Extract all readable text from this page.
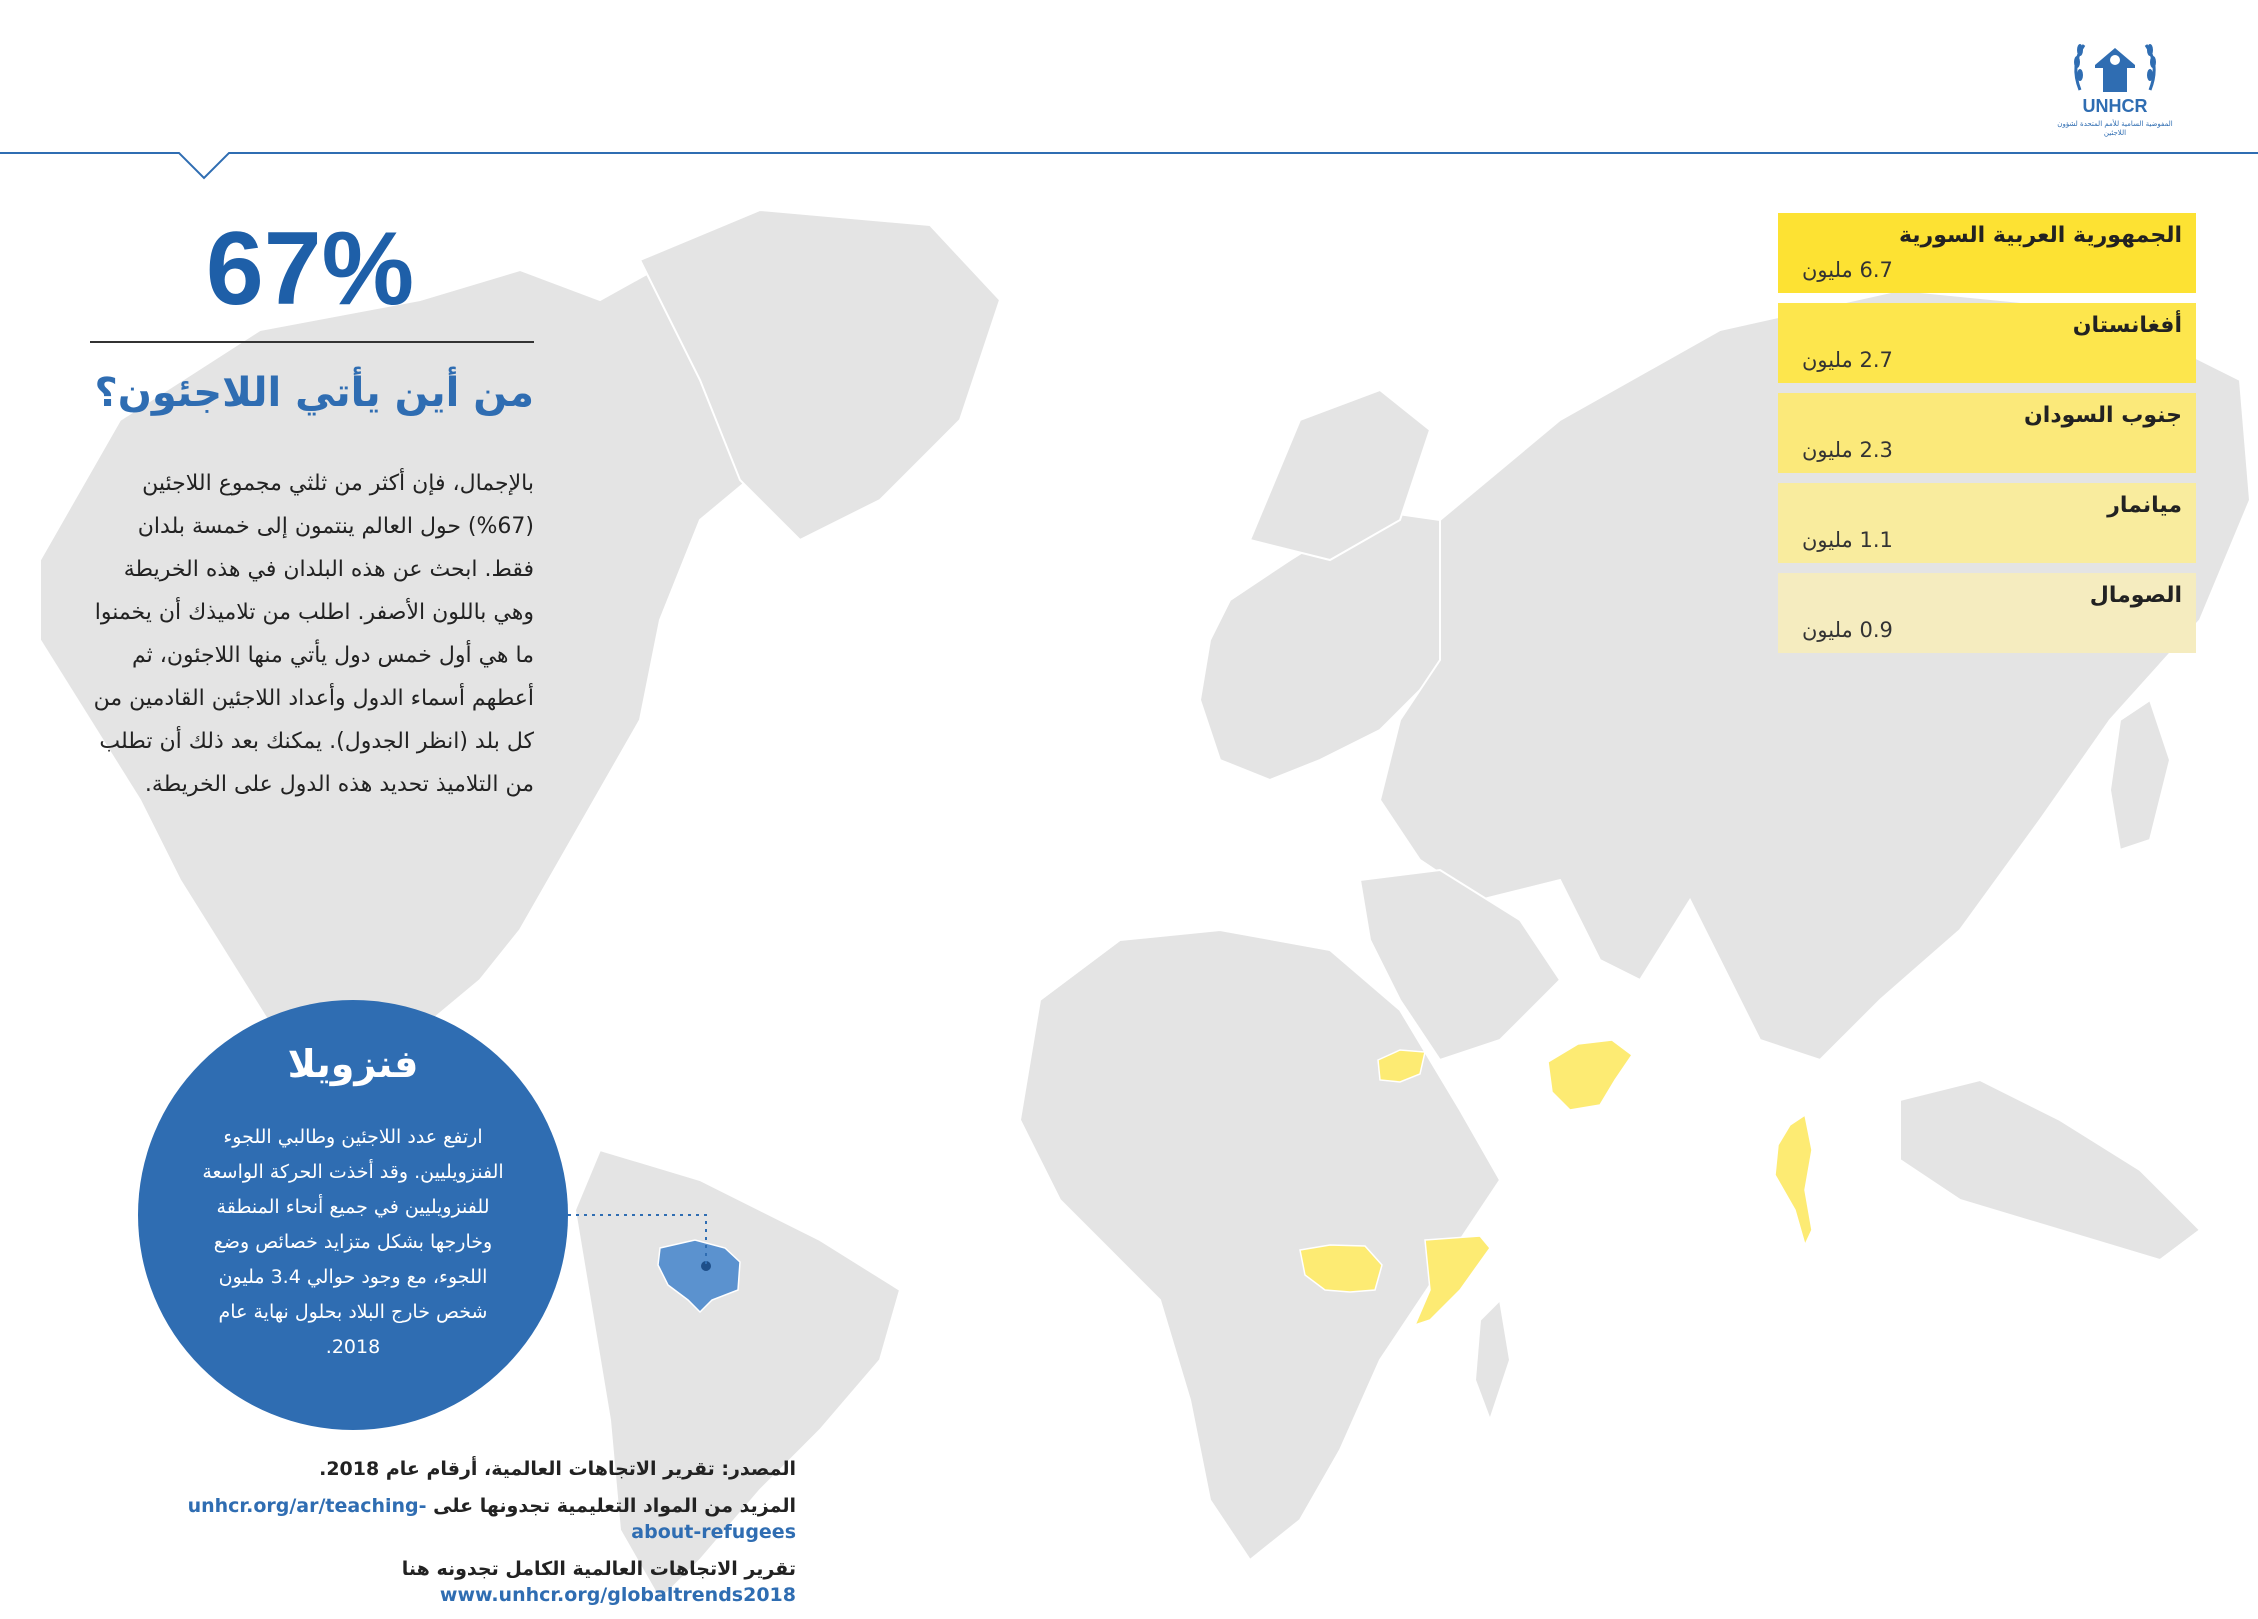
UNHCR
المفوضية السامية للأمم المتحدة لشؤون اللاجئين
67%
من أين يأتي اللاجئون؟

بالإجمال، فإن أكثر من ثلثي مجموع اللاجئين (67%) حول العالم ينتمون إلى خمسة بلدان فقط. ابحث عن هذه البلدان في هذه الخريطة وهي باللون الأصفر. اطلب من تلاميذك أن يخمنوا ما هي أول خمس دول يأتي منها اللاجئون، ثم أعطهم أسماء الدول وأعداد اللاجئين القادمين من كل بلد (انظر الجدول). يمكنك بعد ذلك أن تطلب من التلاميذ تحديد هذه الدول على الخريطة.

الجمهورية العربية السورية
6.7 مليون
أفغانستان
2.7 مليون
جنوب السودان
2.3 مليون
ميانمار
1.1 مليون
الصومال
0.9 مليون
فنزويلا

ارتفع عدد اللاجئين وطالبي اللجوء الفنزويليين. وقد أخذت الحركة الواسعة للفنزويليين في جميع أنحاء المنطقة وخارجها بشكل متزايد خصائص وضع اللجوء، مع وجود حوالي 3.4 مليون شخص خارج البلاد بحلول نهاية عام 2018.

المصدر: تقرير الاتجاهات العالمية، أرقام عام 2018.

المزيد من المواد التعليمية تجدونها على unhcr.org/ar/teaching-about-refugees

تقرير الاتجاهات العالمية الكامل تجدونه هنا www.unhcr.org/globaltrends2018
